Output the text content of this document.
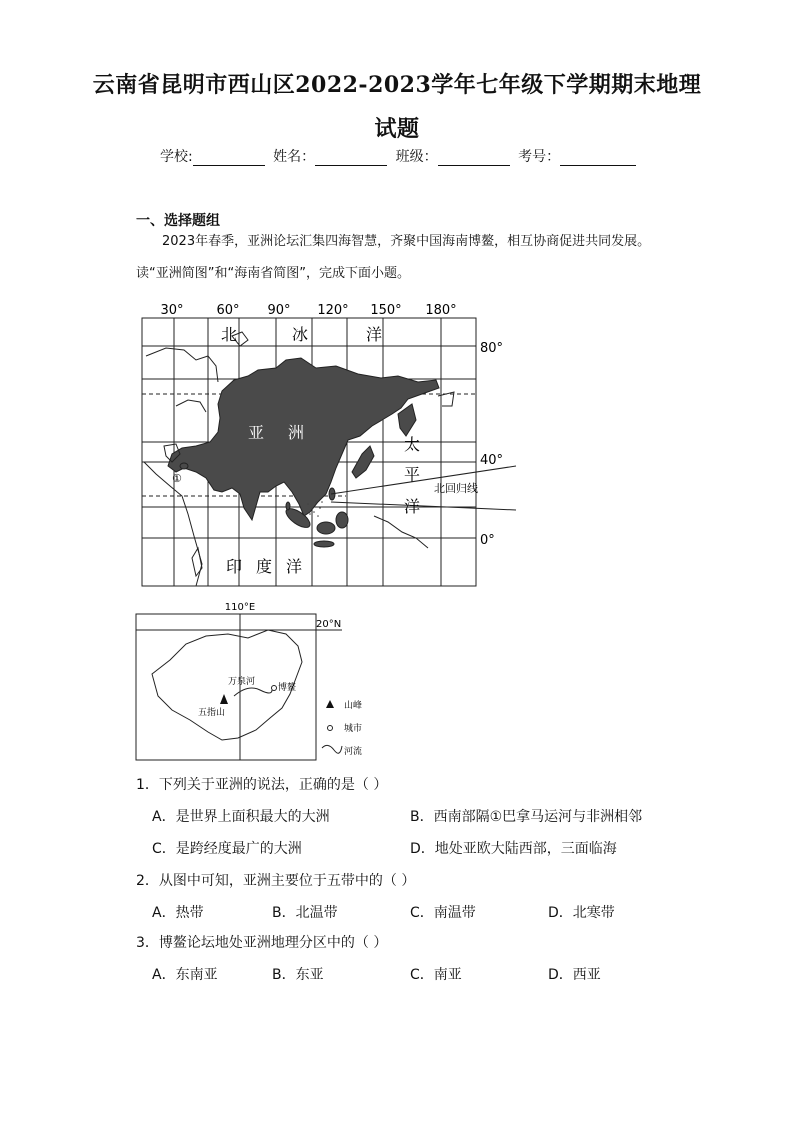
云南省昆明市西山区2022-2023学年七年级下学期期末地理
试题
学校:	姓名：	班级：	考号：
一、选择题组
2023年春季，亚洲论坛汇集四海智慧，齐聚中国海南博鳌，相互协商促进共同发展。读“亚洲简图”和“海南省简图”，完成下面小题。
30°	60° 90° 120° 150° 180°
80°
40°
0°
北	冰	洋
亚 洲
太
平
洋
印 度 洋
北回归线
①
110°E
20°N
万泉河
博鳌
五指山
山峰
城市
河流
1．下列关于亚洲的说法，正确的是（ ）
A．是世界上面积最大的大洲	B．西南部隔①巴拿马运河与非洲相邻
C．是跨经度最广的大洲	D．地处亚欧大陆西部，三面临海
2．从图中可知，亚洲主要位于五带中的（ ）
A．热带	B．北温带	C．南温带	D．北寒带
3．博鳌论坛地处亚洲地理分区中的（ ）
A．东南亚	B．东亚	C．南亚	D．西亚
